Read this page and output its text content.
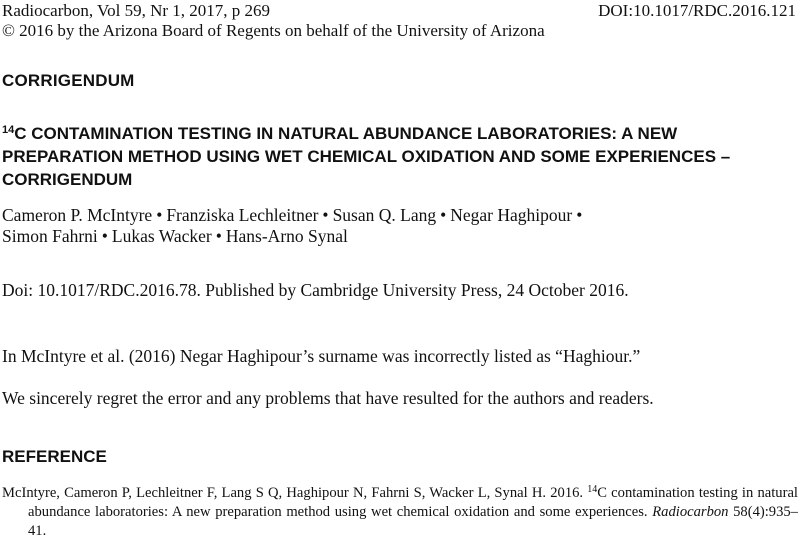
Radiocarbon, Vol 59, Nr 1, 2017, p 269	DOI:10.1017/RDC.2016.121
© 2016 by the Arizona Board of Regents on behalf of the University of Arizona
CORRIGENDUM
$^{14}$C CONTAMINATION TESTING IN NATURAL ABUNDANCE LABORATORIES: A NEW PREPARATION METHOD USING WET CHEMICAL OXIDATION AND SOME EXPERIENCES – CORRIGENDUM
Cameron P. McIntyre • Franziska Lechleitner • Susan Q. Lang • Negar Haghipour •
Simon Fahrni • Lukas Wacker • Hans-Arno Synal
Doi: 10.1017/RDC.2016.78. Published by Cambridge University Press, 24 October 2016.
In McIntyre et al. (2016) Negar Haghipour’s surname was incorrectly listed as “Haghiour.”
We sincerely regret the error and any problems that have resulted for the authors and readers.
REFERENCE
McIntyre, Cameron P, Lechleitner F, Lang S Q, Haghipour N, Fahrni S, Wacker L, Synal H. 2016. $^{14}$C contamination testing in natural abundance laboratories: A new preparation method using wet chemical oxidation and some experiences. Radiocarbon 58(4):935–41.
